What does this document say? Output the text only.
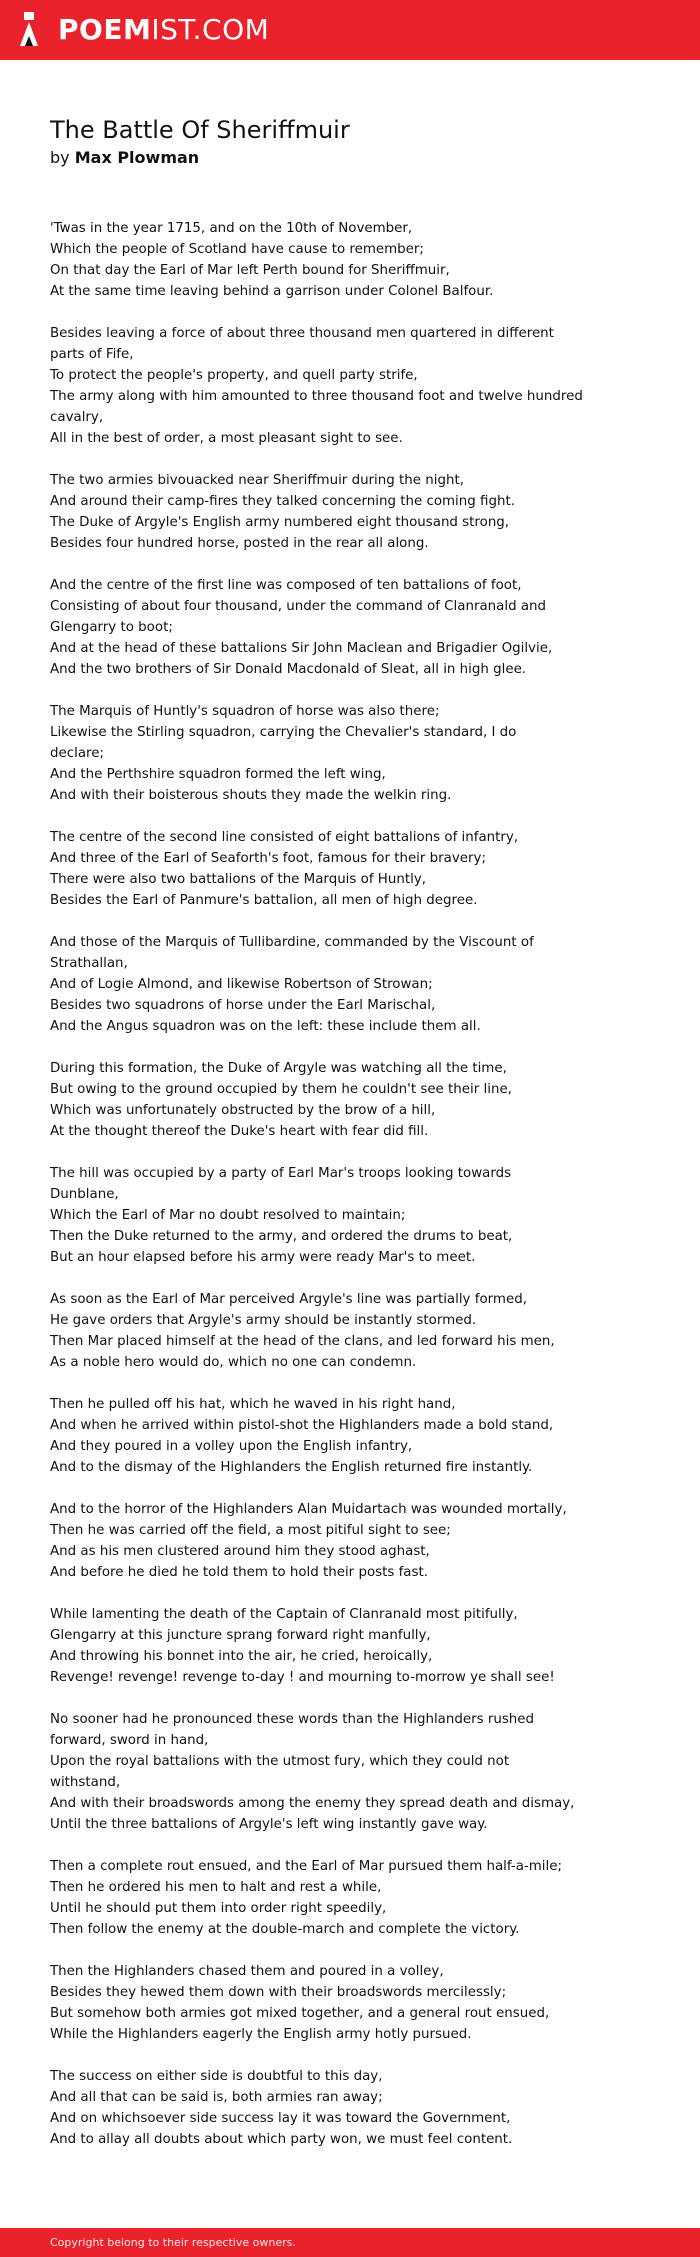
POEMIST.COM
The Battle Of Sheriffmuir
by Max Plowman
'Twas in the year 1715, and on the 10th of November,
Which the people of Scotland have cause to remember;
On that day the Earl of Mar left Perth bound for Sheriffmuir,
At the same time leaving behind a garrison under Colonel Balfour.
Besides leaving a force of about three thousand men quartered in different
parts of Fife,
To protect the people's property, and quell party strife,
The army along with him amounted to three thousand foot and twelve hundred
cavalry,
All in the best of order, a most pleasant sight to see.
The two armies bivouacked near Sheriffmuir during the night,
And around their camp-fires they talked concerning the coming fight.
The Duke of Argyle's English army numbered eight thousand strong,
Besides four hundred horse, posted in the rear all along.
And the centre of the first line was composed of ten battalions of foot,
Consisting of about four thousand, under the command of Clanranald and
Glengarry to boot;
And at the head of these battalions Sir John Maclean and Brigadier Ogilvie,
And the two brothers of Sir Donald Macdonald of Sleat, all in high glee.
The Marquis of Huntly's squadron of horse was also there;
Likewise the Stirling squadron, carrying the Chevalier's standard, I do
declare;
And the Perthshire squadron formed the left wing,
And with their boisterous shouts they made the welkin ring.
The centre of the second line consisted of eight battalions of infantry,
And three of the Earl of Seaforth's foot, famous for their bravery;
There were also two battalions of the Marquis of Huntly,
Besides the Earl of Panmure's battalion, all men of high degree.
And those of the Marquis of Tullibardine, commanded by the Viscount of
Strathallan,
And of Logie Almond, and likewise Robertson of Strowan;
Besides two squadrons of horse under the Earl Marischal,
And the Angus squadron was on the left: these include them all.
During this formation, the Duke of Argyle was watching all the time,
But owing to the ground occupied by them he couldn't see their line,
Which was unfortunately obstructed by the brow of a hill,
At the thought thereof the Duke's heart with fear did fill.
The hill was occupied by a party of Earl Mar's troops looking towards
Dunblane,
Which the Earl of Mar no doubt resolved to maintain;
Then the Duke returned to the army, and ordered the drums to beat,
But an hour elapsed before his army were ready Mar's to meet.
As soon as the Earl of Mar perceived Argyle's line was partially formed,
He gave orders that Argyle's army should be instantly stormed.
Then Mar placed himself at the head of the clans, and led forward his men,
As a noble hero would do, which no one can condemn.
Then he pulled off his hat, which he waved in his right hand,
And when he arrived within pistol-shot the Highlanders made a bold stand,
And they poured in a volley upon the English infantry,
And to the dismay of the Highlanders the English returned fire instantly.
And to the horror of the Highlanders Alan Muidartach was wounded mortally,
Then he was carried off the field, a most pitiful sight to see;
And as his men clustered around him they stood aghast,
And before he died he told them to hold their posts fast.
While lamenting the death of the Captain of Clanranald most pitifully,
Glengarry at this juncture sprang forward right manfully,
And throwing his bonnet into the air, he cried, heroically,
Revenge! revenge! revenge to-day ! and mourning to-morrow ye shall see!
No sooner had he pronounced these words than the Highlanders rushed
forward, sword in hand,
Upon the royal battalions with the utmost fury, which they could not
withstand,
And with their broadswords among the enemy they spread death and dismay,
Until the three battalions of Argyle's left wing instantly gave way.
Then a complete rout ensued, and the Earl of Mar pursued them half-a-mile;
Then he ordered his men to halt and rest a while,
Until he should put them into order right speedily,
Then follow the enemy at the double-march and complete the victory.
Then the Highlanders chased them and poured in a volley,
Besides they hewed them down with their broadswords mercilessly;
But somehow both armies got mixed together, and a general rout ensued,
While the Highlanders eagerly the English army hotly pursued.
The success on either side is doubtful to this day,
And all that can be said is, both armies ran away;
And on whichsoever side success lay it was toward the Government,
And to allay all doubts about which party won, we must feel content.
Copyright belong to their respective owners.
